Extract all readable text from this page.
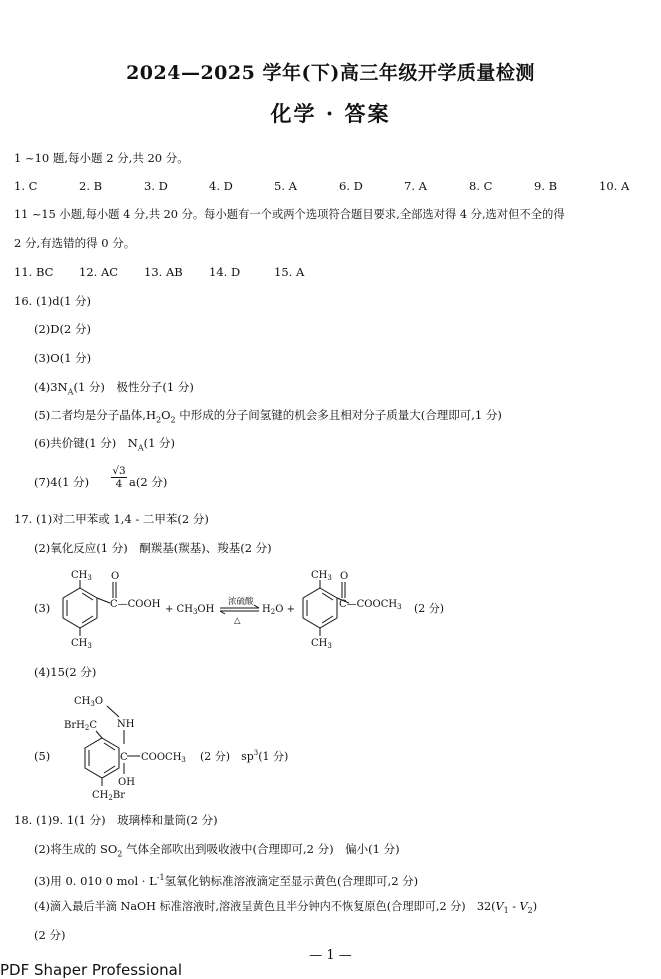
2024—2025 学年(下)高三年级开学质量检测
化学 · 答案
1 ~10 题,每小题 2 分,共 20 分。
1. C	2. B	3. D	4. D	5. A	6. D	7. A	8. C	9. B	10. A
11 ~15 小题,每小题 4 分,共 20 分。每小题有一个或两个选项符合题目要求,全部选对得 4 分,选对但不全的得
2 分,有选错的得 0 分。
11. BC 12. AC 13. AB 14. D	15. A
16. (1)d(1 分)
(2)D(2 分)
(3)O(1 分)
$(4)3N_A(1$ 分)　极性分子(1 分)
(5)二者均是分子晶体$,H_2O_2$ 中形成的分子间氢键的机会多且相对分子质量大(合理即可,1 分)
(6)共价键(1 分)　$N_A(1$ 分)
(7)4(1 分) $\frac{√3}{4} a(2$ 分)
17. (1)对二甲苯或 1,4 - 二甲苯(2 分)
(2)氧化反应(1 分)　酮羰基(羰基)、羧基(2 分)
(3)
$CH_3$
$CH_3$
O
C—COOH + $CH_3OH$
浓硫酸
△
$H_2O$ +
$CH_3$
$CH_3$
O
$C—COOCH_3$ (2 分)
(4)15(2 分)
(5)
$CH_3O$
NH
BrH$_2$C
C $COOCH_3$
OH
$CH_2Br$
(2 分)　$sp^3(1$ 分)
18. (1)9. 1(1 分)　玻璃棒和量筒(2 分)
(2)将生成的 $SO_2$ 气体全部吹出到吸收液中(合理即可,2 分)　偏小(1 分)
(3)用 0. 010 0 mol · $L^{-1}$氢氧化钠标准溶液滴定至显示黄色(合理即可,2 分)
(4)滴入最后半滴 NaOH 标准溶液时,溶液呈黄色且半分钟内不恢复原色(合理即可,2 分)　$32(V_1 - V_2)$
(2 分)
— 1 —
PDF Shaper Professional
